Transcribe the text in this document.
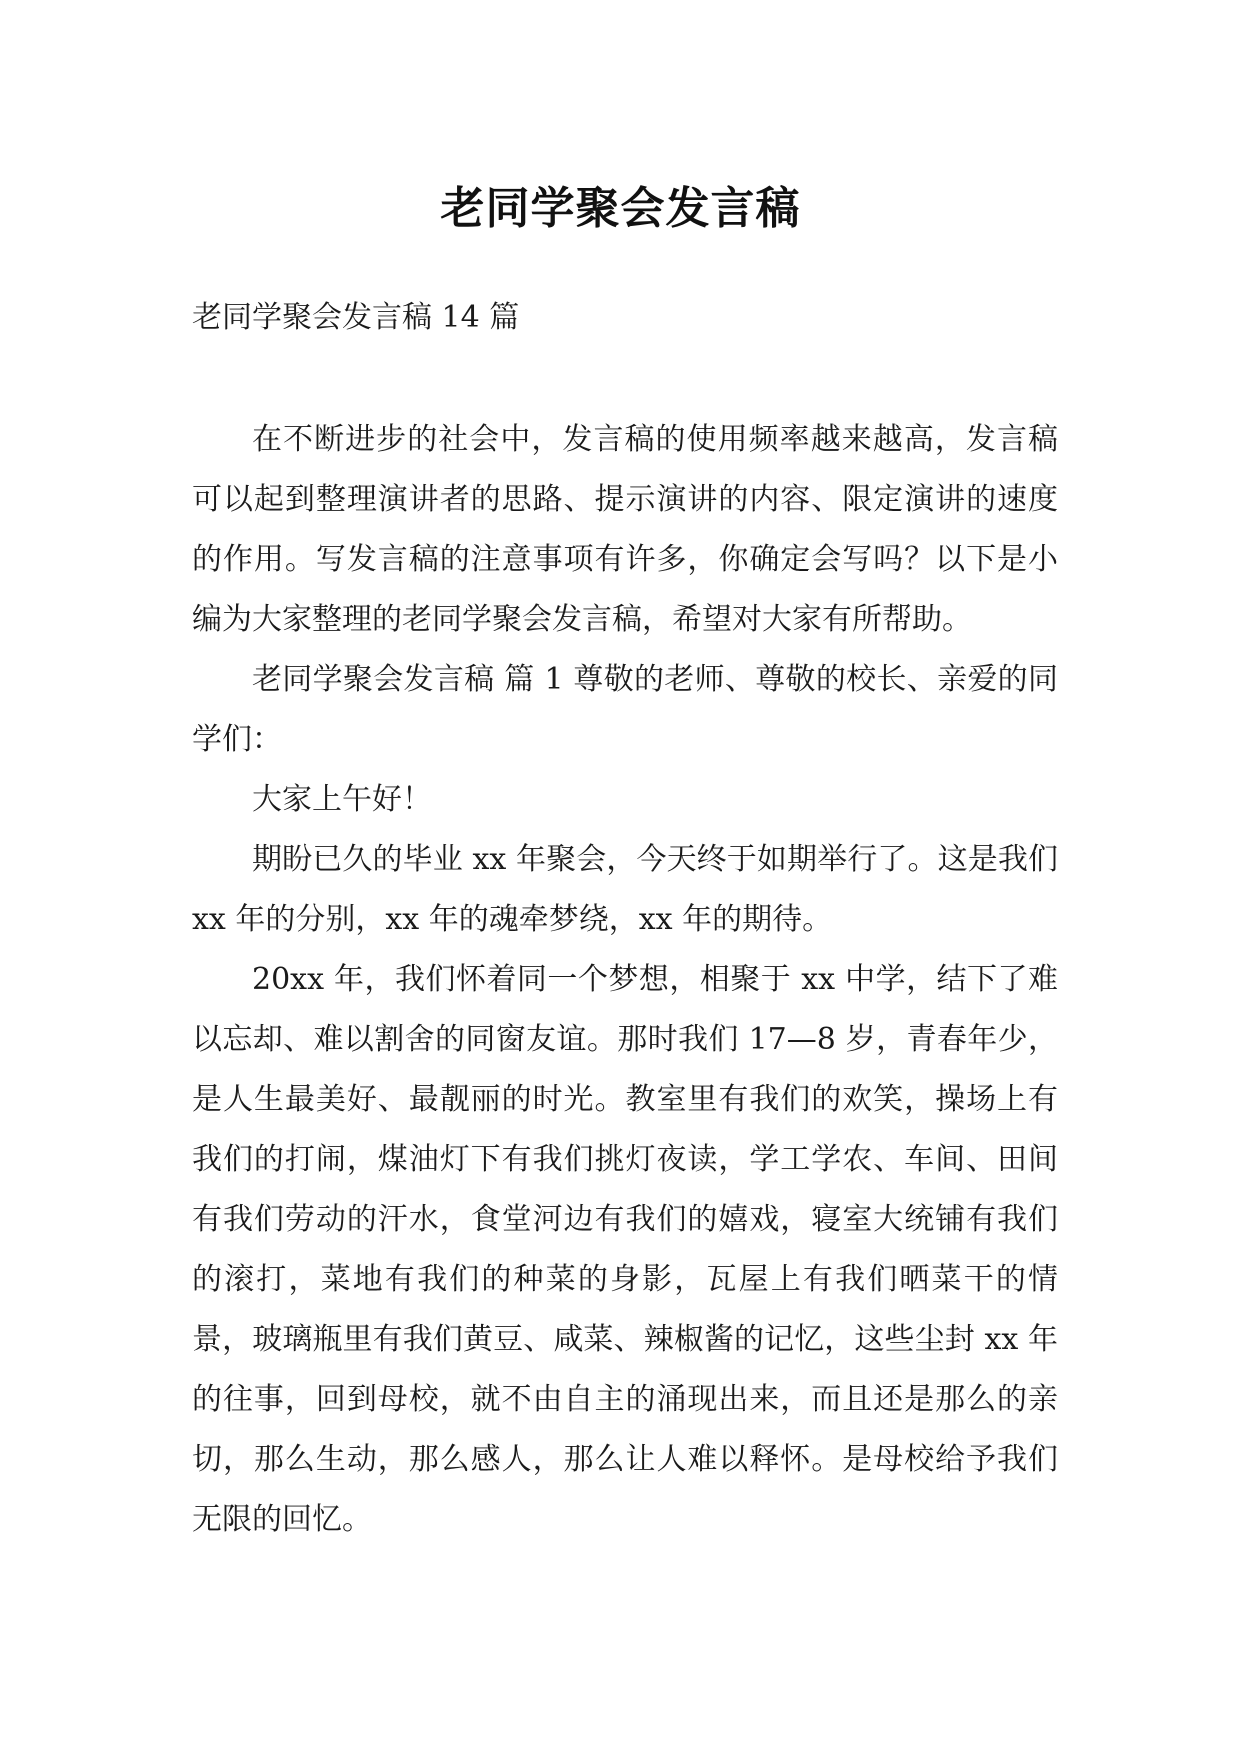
老同学聚会发言稿
老同学聚会发言稿 14 篇

在不断进步的社会中，发言稿的使用频率越来越高，发言稿可以起到整理演讲者的思路、提示演讲的内容、限定演讲的速度的作用。写发言稿的注意事项有许多，你确定会写吗？以下是小编为大家整理的老同学聚会发言稿，希望对大家有所帮助。

老同学聚会发言稿 篇 1 尊敬的老师、尊敬的校长、亲爱的同学们：

大家上午好！

期盼已久的毕业 xx 年聚会，今天终于如期举行了。这是我们 xx 年的分别，xx 年的魂牵梦绕，xx 年的期待。

20xx 年，我们怀着同一个梦想，相聚于 xx 中学，结下了难以忘却、难以割舍的同窗友谊。那时我们 17—8 岁，青春年少，是人生最美好、最靓丽的时光。教室里有我们的欢笑，操场上有我们的打闹，煤油灯下有我们挑灯夜读，学工学农、车间、田间有我们劳动的汗水，食堂河边有我们的嬉戏，寝室大统铺有我们的滚打，菜地有我们的种菜的身影，瓦屋上有我们晒菜干的情景，玻璃瓶里有我们黄豆、咸菜、辣椒酱的记忆，这些尘封 xx 年的往事，回到母校，就不由自主的涌现出来，而且还是那么的亲切，那么生动，那么感人，那么让人难以释怀。是母校给予我们无限的回忆。
